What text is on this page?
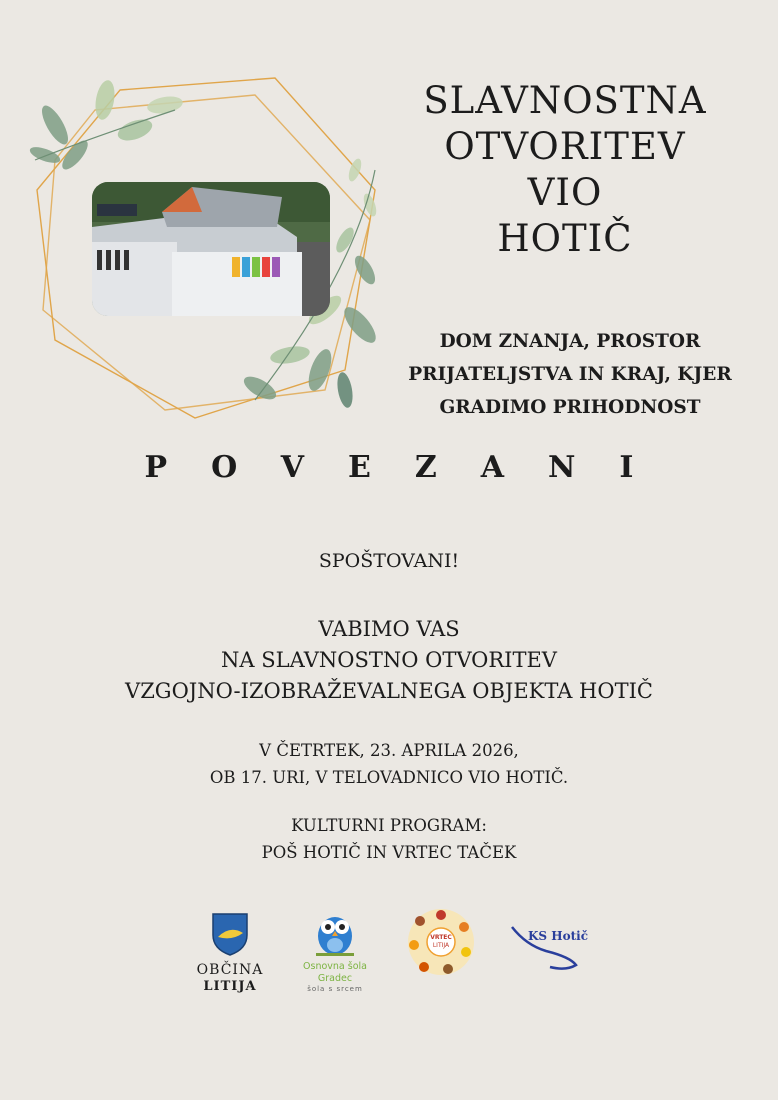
SLAVNOSTNA
OTVORITEV
VIO
HOTIČ
DOM ZNANJA, PROSTOR
PRIJATELJSTVA IN KRAJ, KJER
GRADIMO PRIHODNOST
POVEZANI
SPOŠTOVANI!
VABIMO VAS
NA SLAVNOSTNO OTVORITEV
VZGOJNO-IZOBRAŽEVALNEGA OBJEKTA HOTIČ
V ČETRTEK, 23. APRILA 2026,
OB 17. URI, V TELOVADNICO VIO HOTIČ.
KULTURNI PROGRAM:
POŠ HOTIČ IN VRTEC TAČEK
OBČINA
LITIJA
Osnovna šola Gradec
šola s srcem
VRTEC
LITIJA
KS Hotič
